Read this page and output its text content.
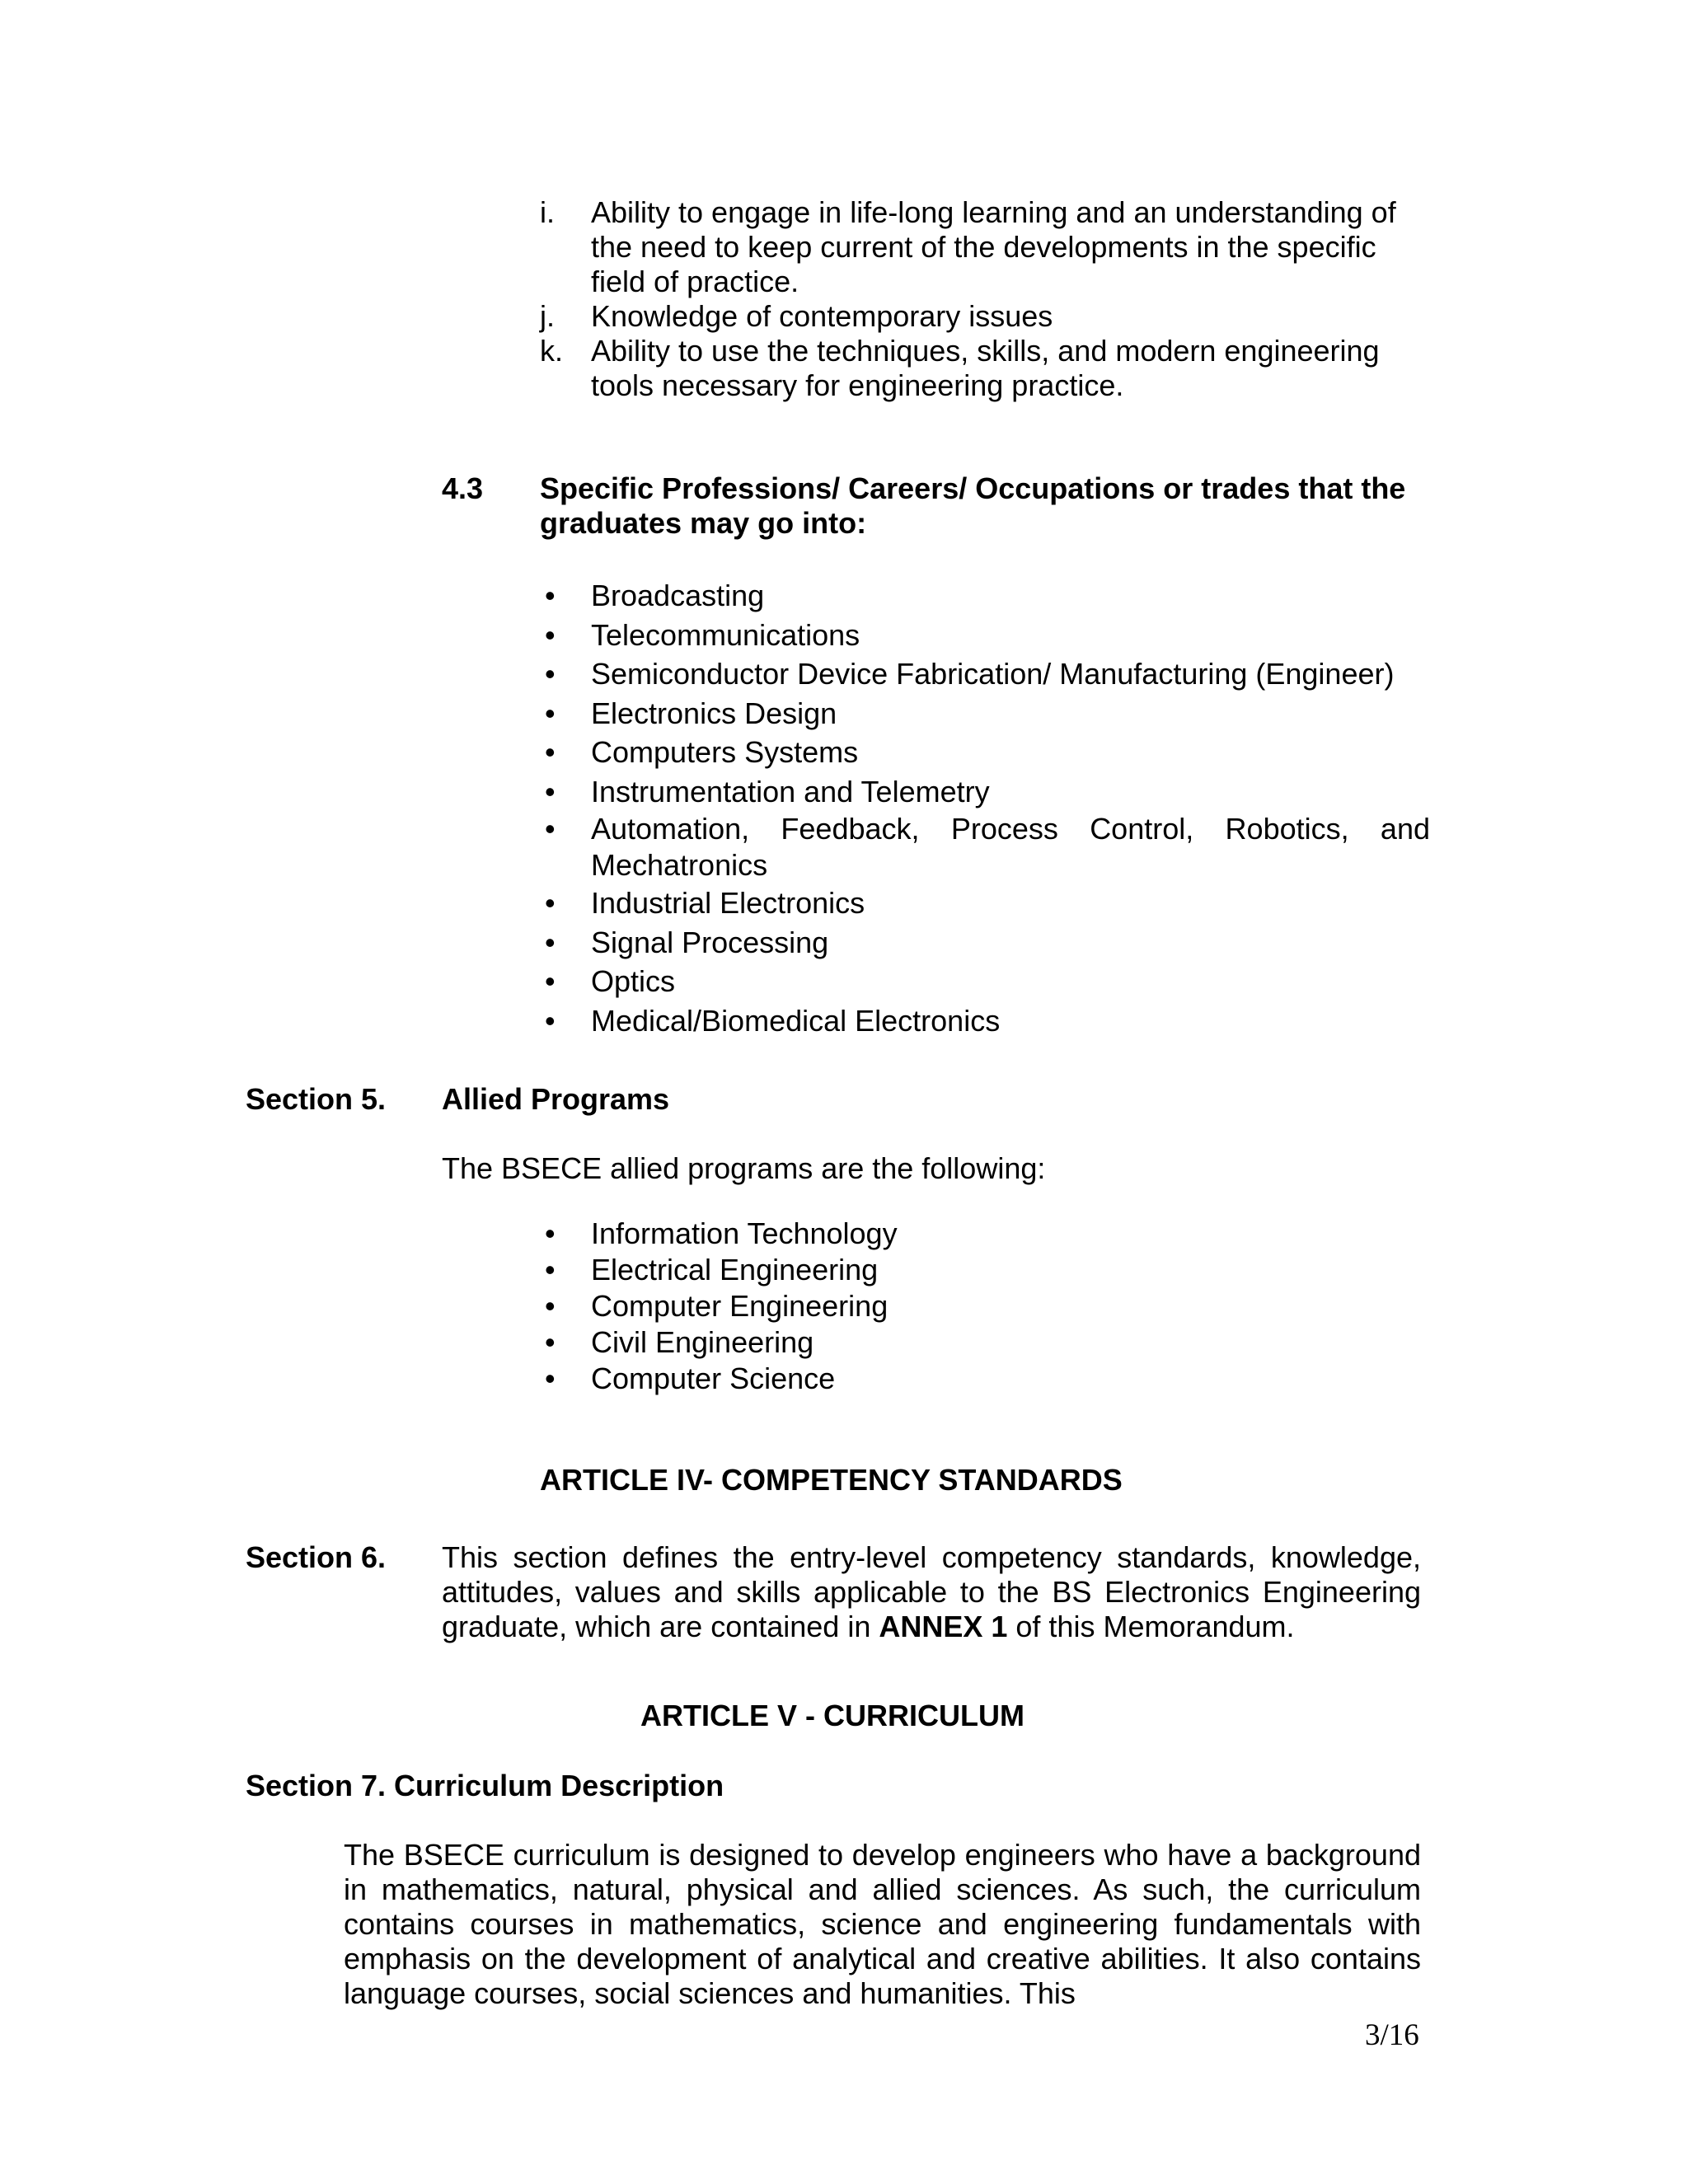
i.	Ability to engage in life-long learning and an understanding of the need to keep current of the developments in the specific field of practice.
j.	Knowledge of contemporary issues
k. Ability to use the techniques, skills, and modern engineering tools necessary for engineering practice.
4.3 Specific Professions/ Careers/ Occupations or trades that the graduates may go into:
• Broadcasting
• Telecommunications
• Semiconductor Device Fabrication/ Manufacturing (Engineer)
• Electronics Design
• Computers Systems
• Instrumentation and Telemetry
• Automation, Feedback, Process Control, Robotics, and Mechatronics
• Industrial Electronics
• Signal Processing
• Optics
• Medical/Biomedical Electronics
Section 5. Allied Programs
The BSECE allied programs are the following:
• Information Technology
• Electrical Engineering
• Computer Engineering
• Civil Engineering
• Computer Science
ARTICLE IV- COMPETENCY STANDARDS
Section 6. This section defines the entry-level competency standards, knowledge, attitudes, values and skills applicable to the BS Electronics Engineering graduate, which are contained in ANNEX 1 of this Memorandum.
ARTICLE V - CURRICULUM
Section 7. Curriculum Description
The BSECE curriculum is designed to develop engineers who have a background in mathematics, natural, physical and allied sciences. As such, the curriculum contains courses in mathematics, science and engineering fundamentals with emphasis on the development of analytical and creative abilities. It also contains language courses, social sciences and humanities. This
3/16
